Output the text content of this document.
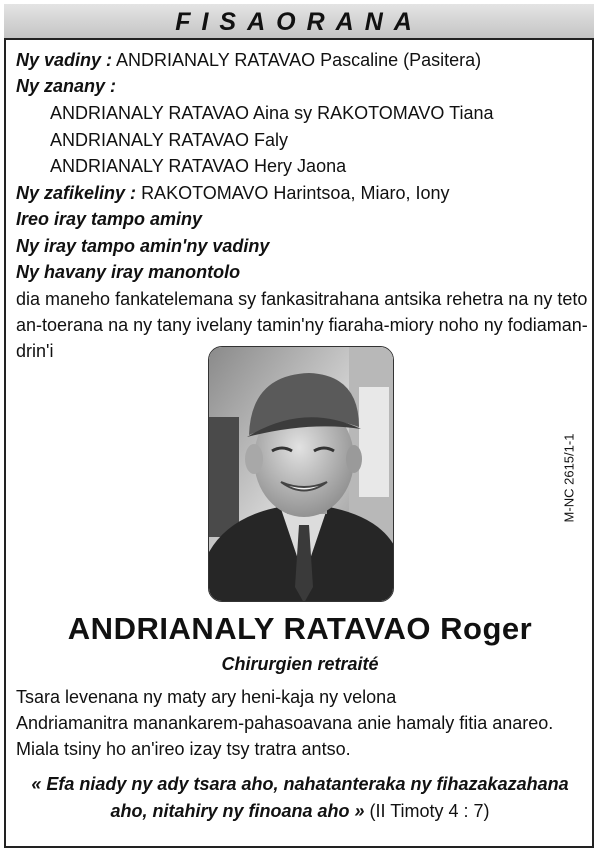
FISAORANA
Ny vadiny : ANDRIANALY RATAVAO Pascaline (Pasitera)
Ny zanany :
ANDRIANALY RATAVAO Aina sy RAKOTOMAVO Tiana
ANDRIANALY RATAVAO Faly
ANDRIANALY RATAVAO Hery Jaona
Ny zafikeliny : RAKOTOMAVO Harintsoa, Miaro, Iony
Ireo iray tampo aminy
Ny iray tampo amin'ny vadiny
Ny havany iray manontolo
dia maneho fankatelemana sy fankasitrahana antsika rehetra na ny teto
an-toerana na ny tany ivelany tamin'ny fiaraha-miory noho ny fodiaman-
drin'i
M-NC 2615/1-1
ANDRIANALY RATAVAO Roger
Chirurgien retraité
Tsara levenana ny maty ary heni-kaja ny velona
Andriamanitra manankarem-pahasoavana anie hamaly fitia anareo.
Miala tsiny ho an'ireo izay tsy tratra antso.
« Efa niady ny ady tsara aho, nahatanteraka ny fihazakazahana
aho, nitahiry ny finoana aho » (II Timoty 4 : 7)
